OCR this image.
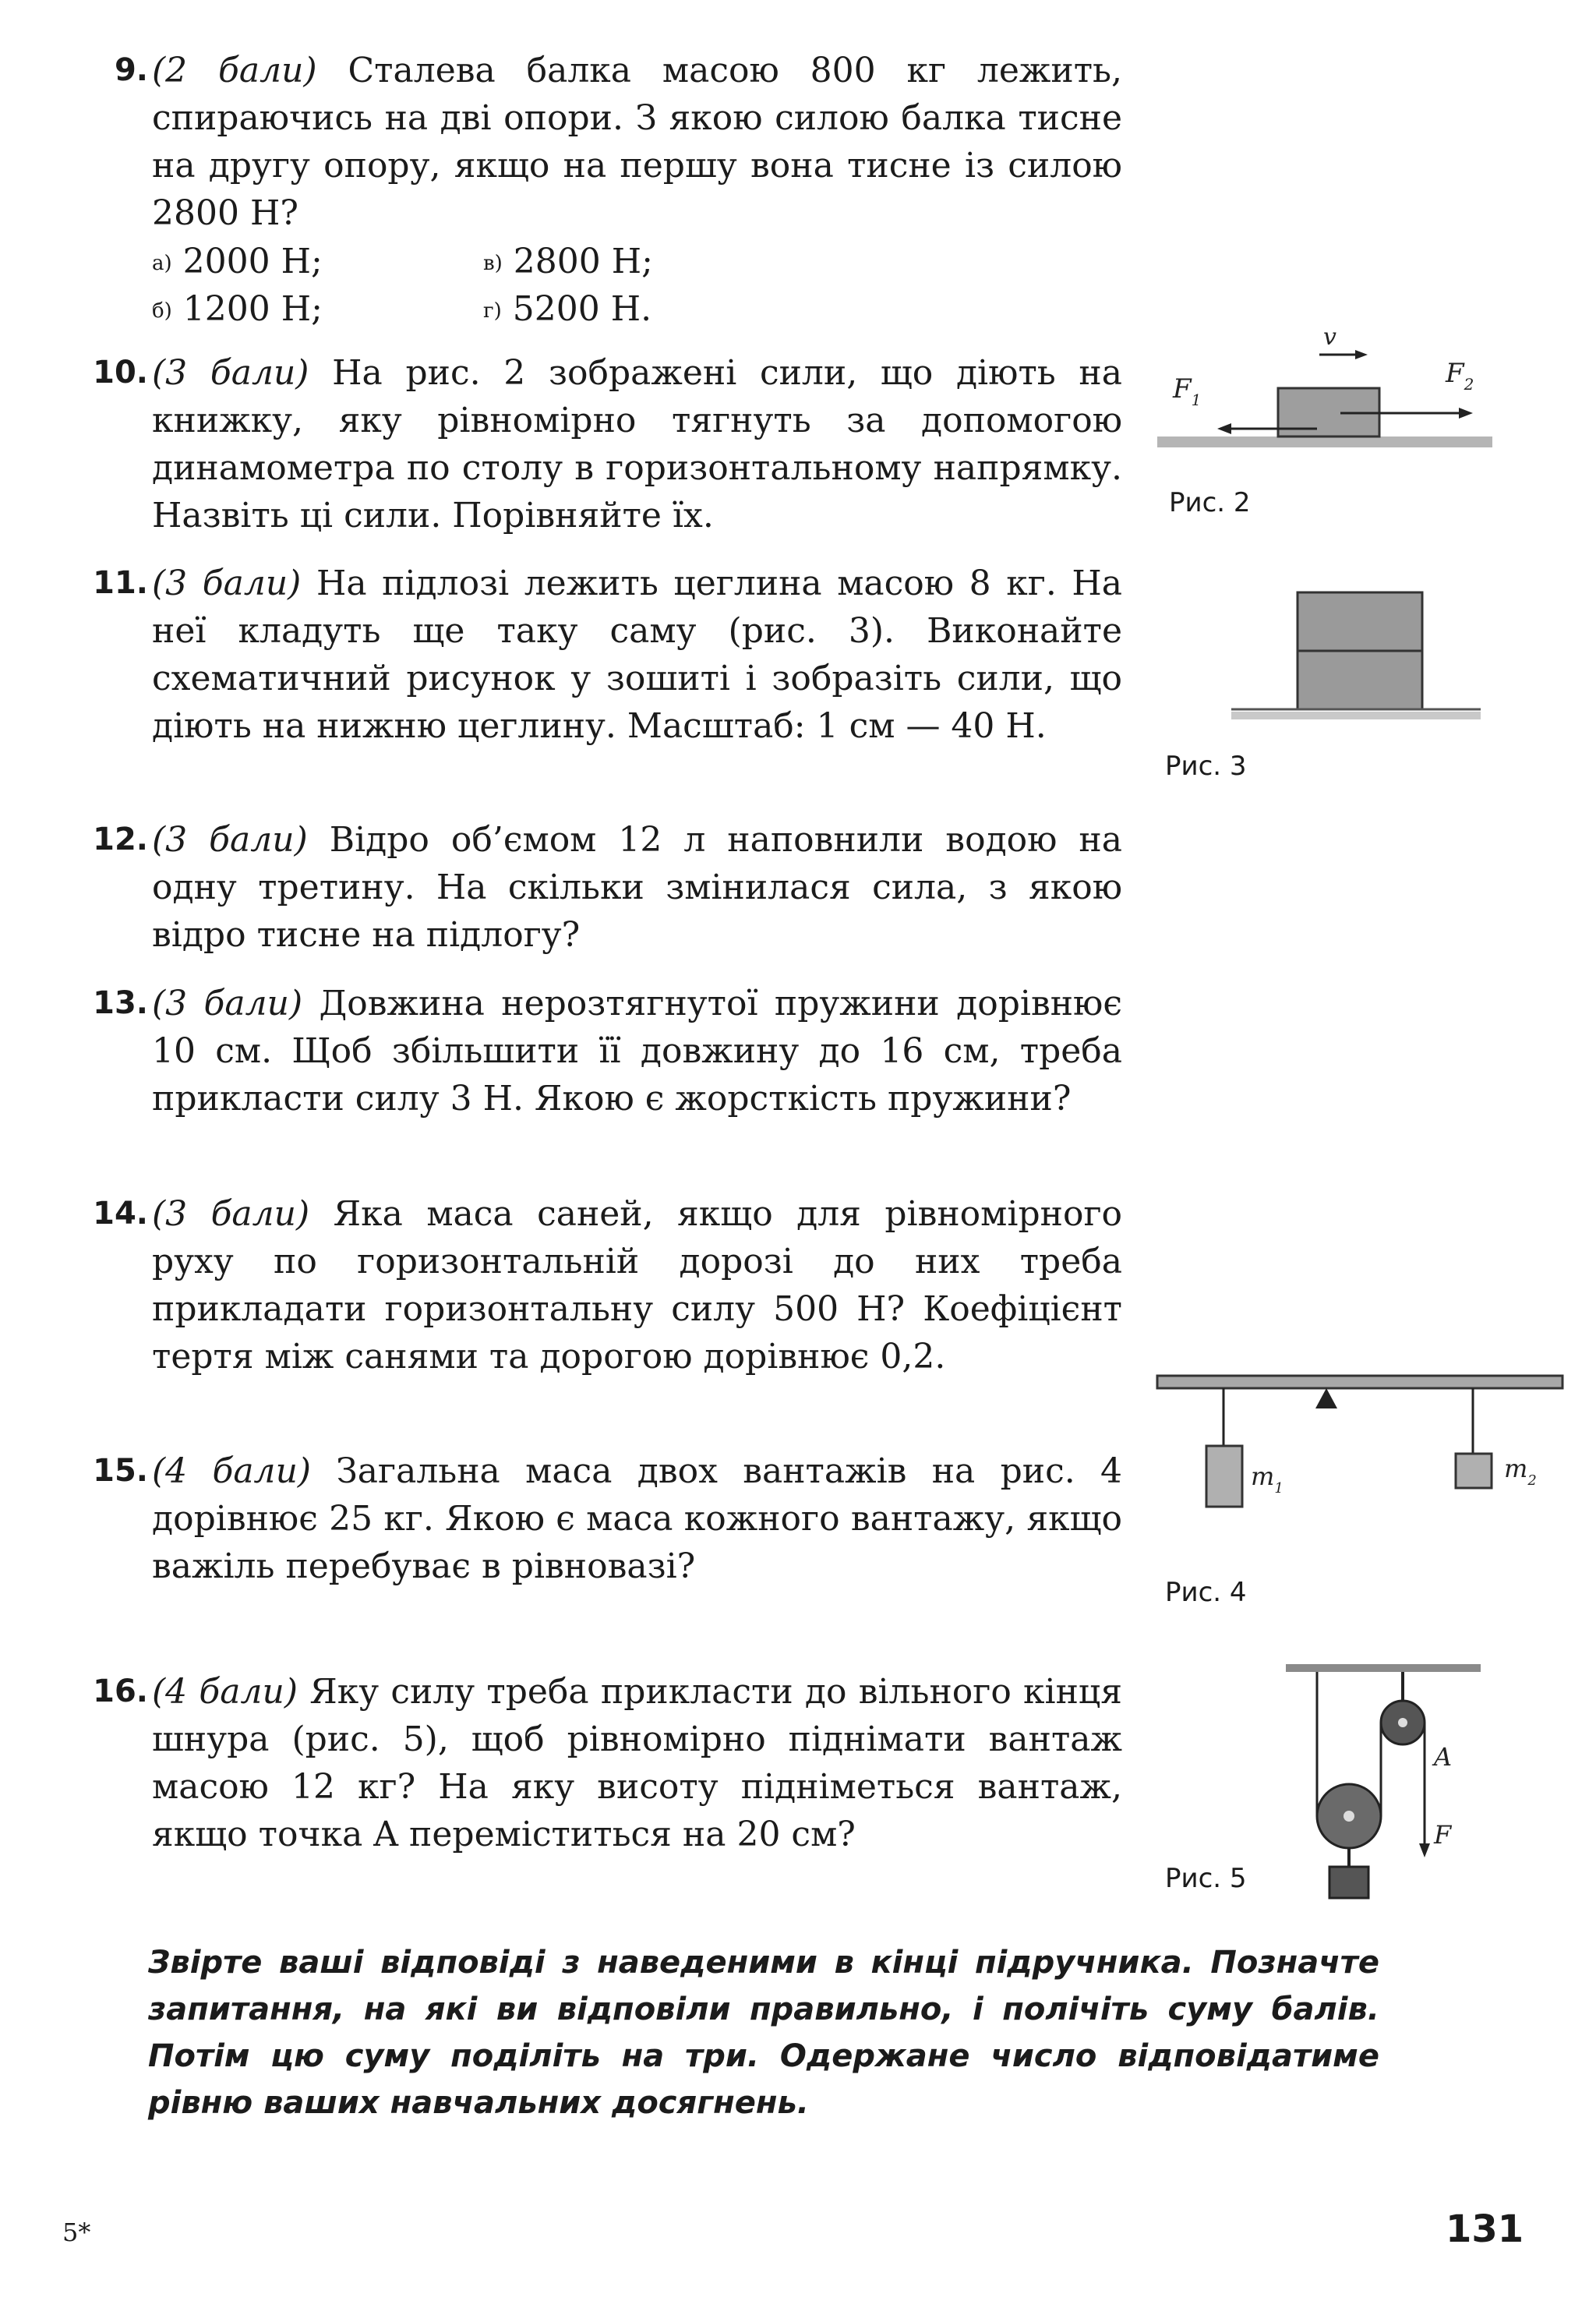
9. (2 бали) Сталева балка масою 800 кг лежить, спираючись на дві опори. З якою силою балка тисне на другу опору, якщо на першу вона тисне із силою 2800 Н?
а) 2000 Н;	в) 2800 Н;
б) 1200 Н;	г) 5200 Н.
10. (3 бали) На рис. 2 зображені сили, що діють на книжку, яку рівномірно тягнуть за допомогою динамометра по столу в горизонтальному напрямку. Назвіть ці сили. Порівняйте їх.
11. (3 бали) На підлозі лежить цеглина масою 8 кг. На неї кладуть ще таку саму (рис. 3). Виконайте схематичний рисунок у зошиті і зобразіть сили, що діють на нижню цеглину. Масштаб: 1 см — 40 Н.
12. (3 бали) Відро об’ємом 12 л наповнили водою на одну третину. На скільки змінилася сила, з якою відро тисне на підлогу?
13. (3 бали) Довжина нерозтягнутої пружини дорівнює 10 см. Щоб збільшити її довжину до 16 см, треба прикласти силу 3 Н. Якою є жорсткість пружини?
14. (3 бали) Яка маса саней, якщо для рівномірного руху по горизонтальній дорозі до них треба прикладати горизонтальну силу 500 Н? Коефіцієнт тертя між санями та дорогою дорівнює 0,2.
15. (4 бали) Загальна маса двох вантажів на рис. 4 дорівнює 25 кг. Якою є маса кожного вантажу, якщо важіль перебуває в рівновазі?
16. (4 бали) Яку силу треба прикласти до вільного кінця шнура (рис. 5), щоб рівномірно піднімати вантаж масою 12 кг? На яку висоту підніметься вантаж, якщо точка A переміститься на 20 см?
$F_1$
$F_2$
v
Рис. 2
Рис. 3
$m_1$
$m_2$
Рис. 4
A
F
Рис. 5
Звірте ваші відповіді з наведеними в кінці підручника. Позначте запитання, на які ви відповіли правильно, і полічіть суму балів. Потім цю суму поділіть на три. Одержане число відповідатиме рівню ваших навчальних досягнень.
5*	131
